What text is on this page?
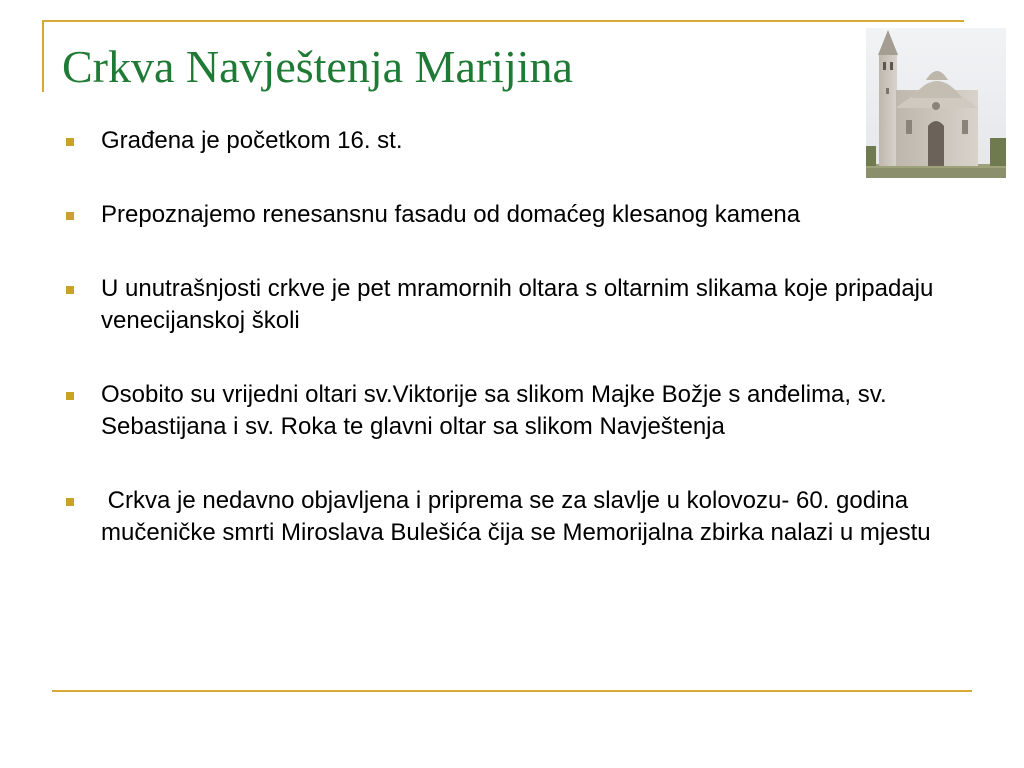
Crkva Navještenja Marijina
Građena je početkom 16. st.
Prepoznajemo renesansnu fasadu od domaćeg klesanog kamena
U unutrašnjosti crkve je pet mramornih oltara s oltarnim slikama koje pripadaju venecijanskoj školi
Osobito su vrijedni oltari sv.Viktorije sa slikom Majke Božje s anđelima, sv. Sebastijana i sv. Roka te glavni oltar sa slikom Navještenja
Crkva je nedavno objavljena i priprema se za slavlje u kolovozu- 60. godina mučeničke smrti Miroslava Bulešića čija se Memorijalna zbirka nalazi u mjestu
